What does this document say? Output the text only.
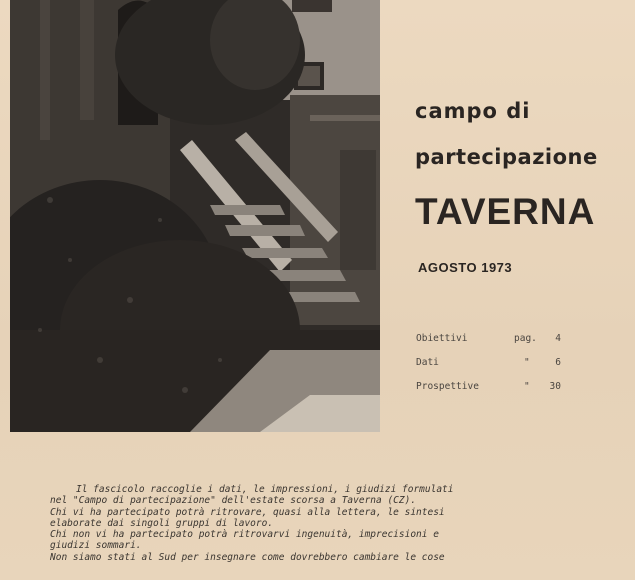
campo di
partecipazione
TAVERNA
AGOSTO 1973
Obiettivi	pag.	4
Dati	"	6
Prospettive	"	30
Il fascicolo raccoglie i dati, le impressioni, i giudizi formulati
nel "Campo di partecipazione" dell'estate scorsa a Taverna (CZ).
Chi vi ha partecipato potrà ritrovare, quasi alla lettera, le sintesi
elaborate dai singoli gruppi di lavoro.
Chi non vi ha partecipato potrà ritrovarvi ingenuità, imprecisioni e
giudizi sommari.
Non siamo stati al Sud per insegnare come dovrebbero cambiare le cose
